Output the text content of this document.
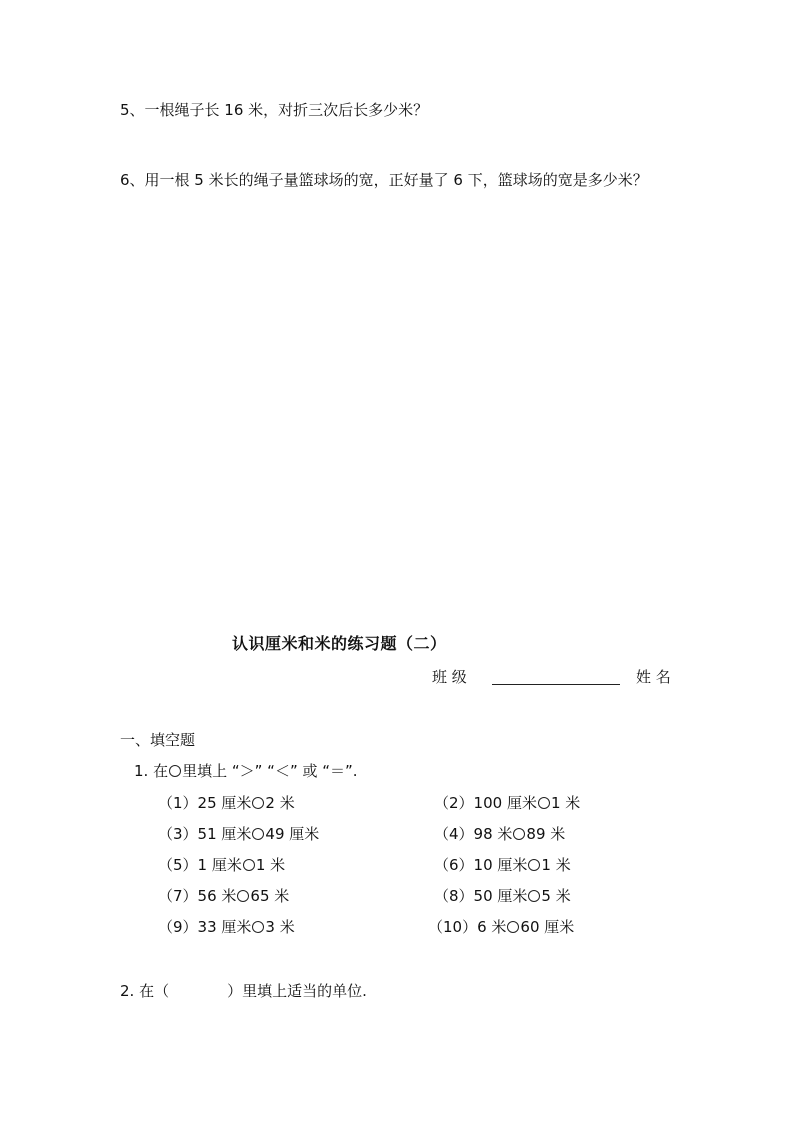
5、一根绳子长 16 米，对折三次后长多少米？
6、用一根 5 米长的绳子量篮球场的宽，正好量了 6 下，篮球场的宽是多少米？
认识厘米和米的练习题（二）
班 级	姓 名
一、填空题
1. 在 里填上 “＞” “＜” 或 “＝”.
（1）25 厘米 2 米	（2）100 厘米 1 米
（3）51 厘米 49 厘米	（4）98 米 89 米
（5）1 厘米 1 米	（6）10 厘米 1 米
（7）56 米 65 米	（8）50 厘米 5 米
（9）33 厘米 3 米	（10）6 米 60 厘米
2. 在（	）里填上适当的单位.
